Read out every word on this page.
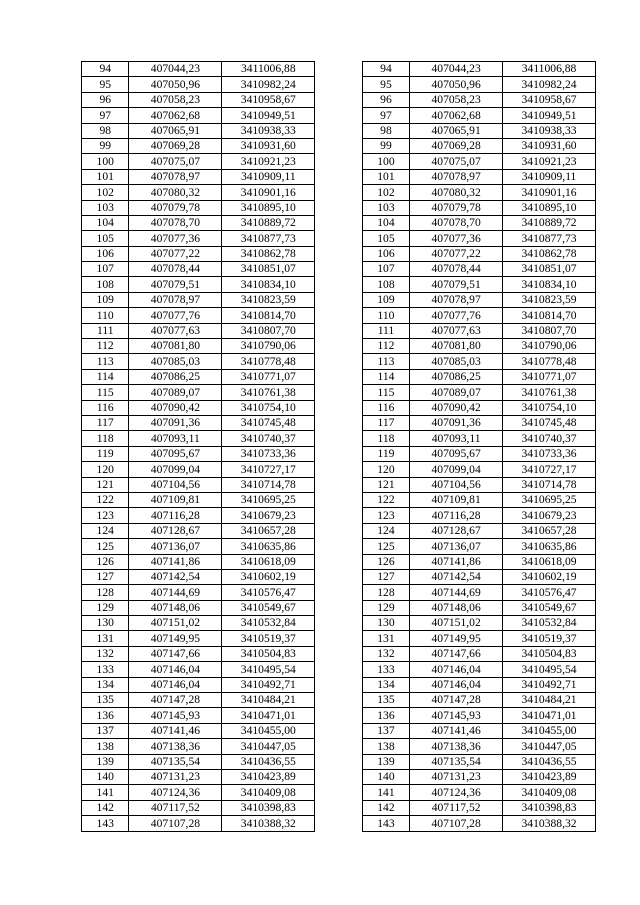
94	407044,23	3411006,88		94	407044,23	3411006,88
95	407050,96	3410982,24		95	407050,96	3410982,24
96	407058,23	3410958,67		96	407058,23	3410958,67
97	407062,68	3410949,51		97	407062,68	3410949,51
98	407065,91	3410938,33		98	407065,91	3410938,33
99	407069,28	3410931,60		99	407069,28	3410931,60
100	407075,07	3410921,23		100	407075,07	3410921,23
101	407078,97	3410909,11		101	407078,97	3410909,11
102	407080,32	3410901,16		102	407080,32	3410901,16
103	407079,78	3410895,10		103	407079,78	3410895,10
104	407078,70	3410889,72		104	407078,70	3410889,72
105	407077,36	3410877,73		105	407077,36	3410877,73
106	407077,22	3410862,78		106	407077,22	3410862,78
107	407078,44	3410851,07		107	407078,44	3410851,07
108	407079,51	3410834,10		108	407079,51	3410834,10
109	407078,97	3410823,59		109	407078,97	3410823,59
110	407077,76	3410814,70		110	407077,76	3410814,70
111	407077,63	3410807,70		111	407077,63	3410807,70
112	407081,80	3410790,06		112	407081,80	3410790,06
113	407085,03	3410778,48		113	407085,03	3410778,48
114	407086,25	3410771,07		114	407086,25	3410771,07
115	407089,07	3410761,38		115	407089,07	3410761,38
116	407090,42	3410754,10		116	407090,42	3410754,10
117	407091,36	3410745,48		117	407091,36	3410745,48
118	407093,11	3410740,37		118	407093,11	3410740,37
119	407095,67	3410733,36		119	407095,67	3410733,36
120	407099,04	3410727,17		120	407099,04	3410727,17
121	407104,56	3410714,78		121	407104,56	3410714,78
122	407109,81	3410695,25		122	407109,81	3410695,25
123	407116,28	3410679,23		123	407116,28	3410679,23
124	407128,67	3410657,28		124	407128,67	3410657,28
125	407136,07	3410635,86		125	407136,07	3410635,86
126	407141,86	3410618,09		126	407141,86	3410618,09
127	407142,54	3410602,19		127	407142,54	3410602,19
128	407144,69	3410576,47		128	407144,69	3410576,47
129	407148,06	3410549,67		129	407148,06	3410549,67
130	407151,02	3410532,84		130	407151,02	3410532,84
131	407149,95	3410519,37		131	407149,95	3410519,37
132	407147,66	3410504,83		132	407147,66	3410504,83
133	407146,04	3410495,54		133	407146,04	3410495,54
134	407146,04	3410492,71		134	407146,04	3410492,71
135	407147,28	3410484,21		135	407147,28	3410484,21
136	407145,93	3410471,01		136	407145,93	3410471,01
137	407141,46	3410455,00		137	407141,46	3410455,00
138	407138,36	3410447,05		138	407138,36	3410447,05
139	407135,54	3410436,55		139	407135,54	3410436,55
140	407131,23	3410423,89		140	407131,23	3410423,89
141	407124,36	3410409,08		141	407124,36	3410409,08
142	407117,52	3410398,83		142	407117,52	3410398,83
143	407107,28	3410388,32		143	407107,28	3410388,32
